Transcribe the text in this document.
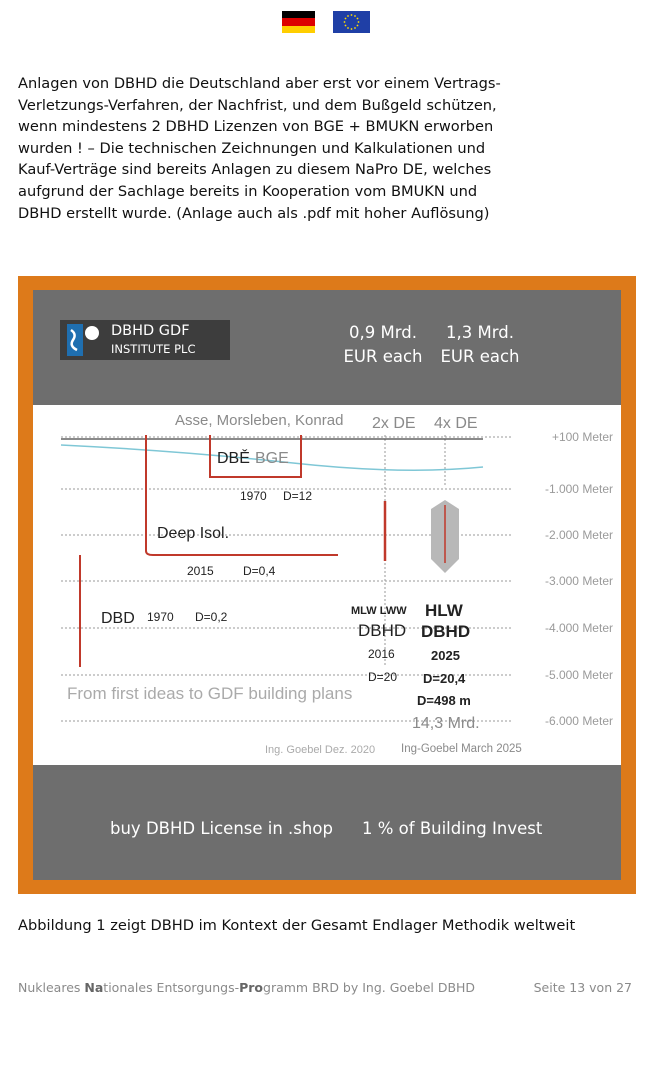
Anlagen von DBHD die Deutschland aber erst vor einem Vertrags-Verletzungs-Verfahren, der Nachfrist, und dem Bußgeld schützen, wenn mindestens 2 DBHD Lizenzen von BGE + BMUKN erworben wurden ! – Die technischen Zeichnungen und Kalkulationen und Kauf-Verträge sind bereits Anlagen zu diesem NaPro DE, welches aufgrund der Sachlage bereits in Kooperation vom BMUKN und DBHD erstellt wurde. (Anlage auch als .pdf mit hoher Auflösung)

DBHD GDF
INSTITUTE PLC
0,9 Mrd.
EUR each
1,3 Mrd.
EUR each
Asse, Morsleben, Konrad 2x DE 4x DE
+100 Meter
-1.000 Meter
-2.000 Meter
-3.000 Meter
-4.000 Meter
-5.000 Meter
-6.000 Meter
DBĚ BGE
1970 D=12
Deep Isol.
2015 D=0,4
DBD 1970 D=0,2	MLW LWW
DBHD
2016
D=20
HLW
DBHD
2025
D=20,4
D=498 m
From first ideas to GDF building plans
14,3 Mrd.
Ing. Goebel Dez. 2020 Ing-Goebel March 2025
buy DBHD License in .shop 1 % of Building Invest
Abbildung 1 zeigt DBHD im Kontext der Gesamt Endlager Methodik weltweit
Nukleares Nationales Entsorgungs-Programm BRD by Ing. Goebel DBHD	Seite 13 von 27
